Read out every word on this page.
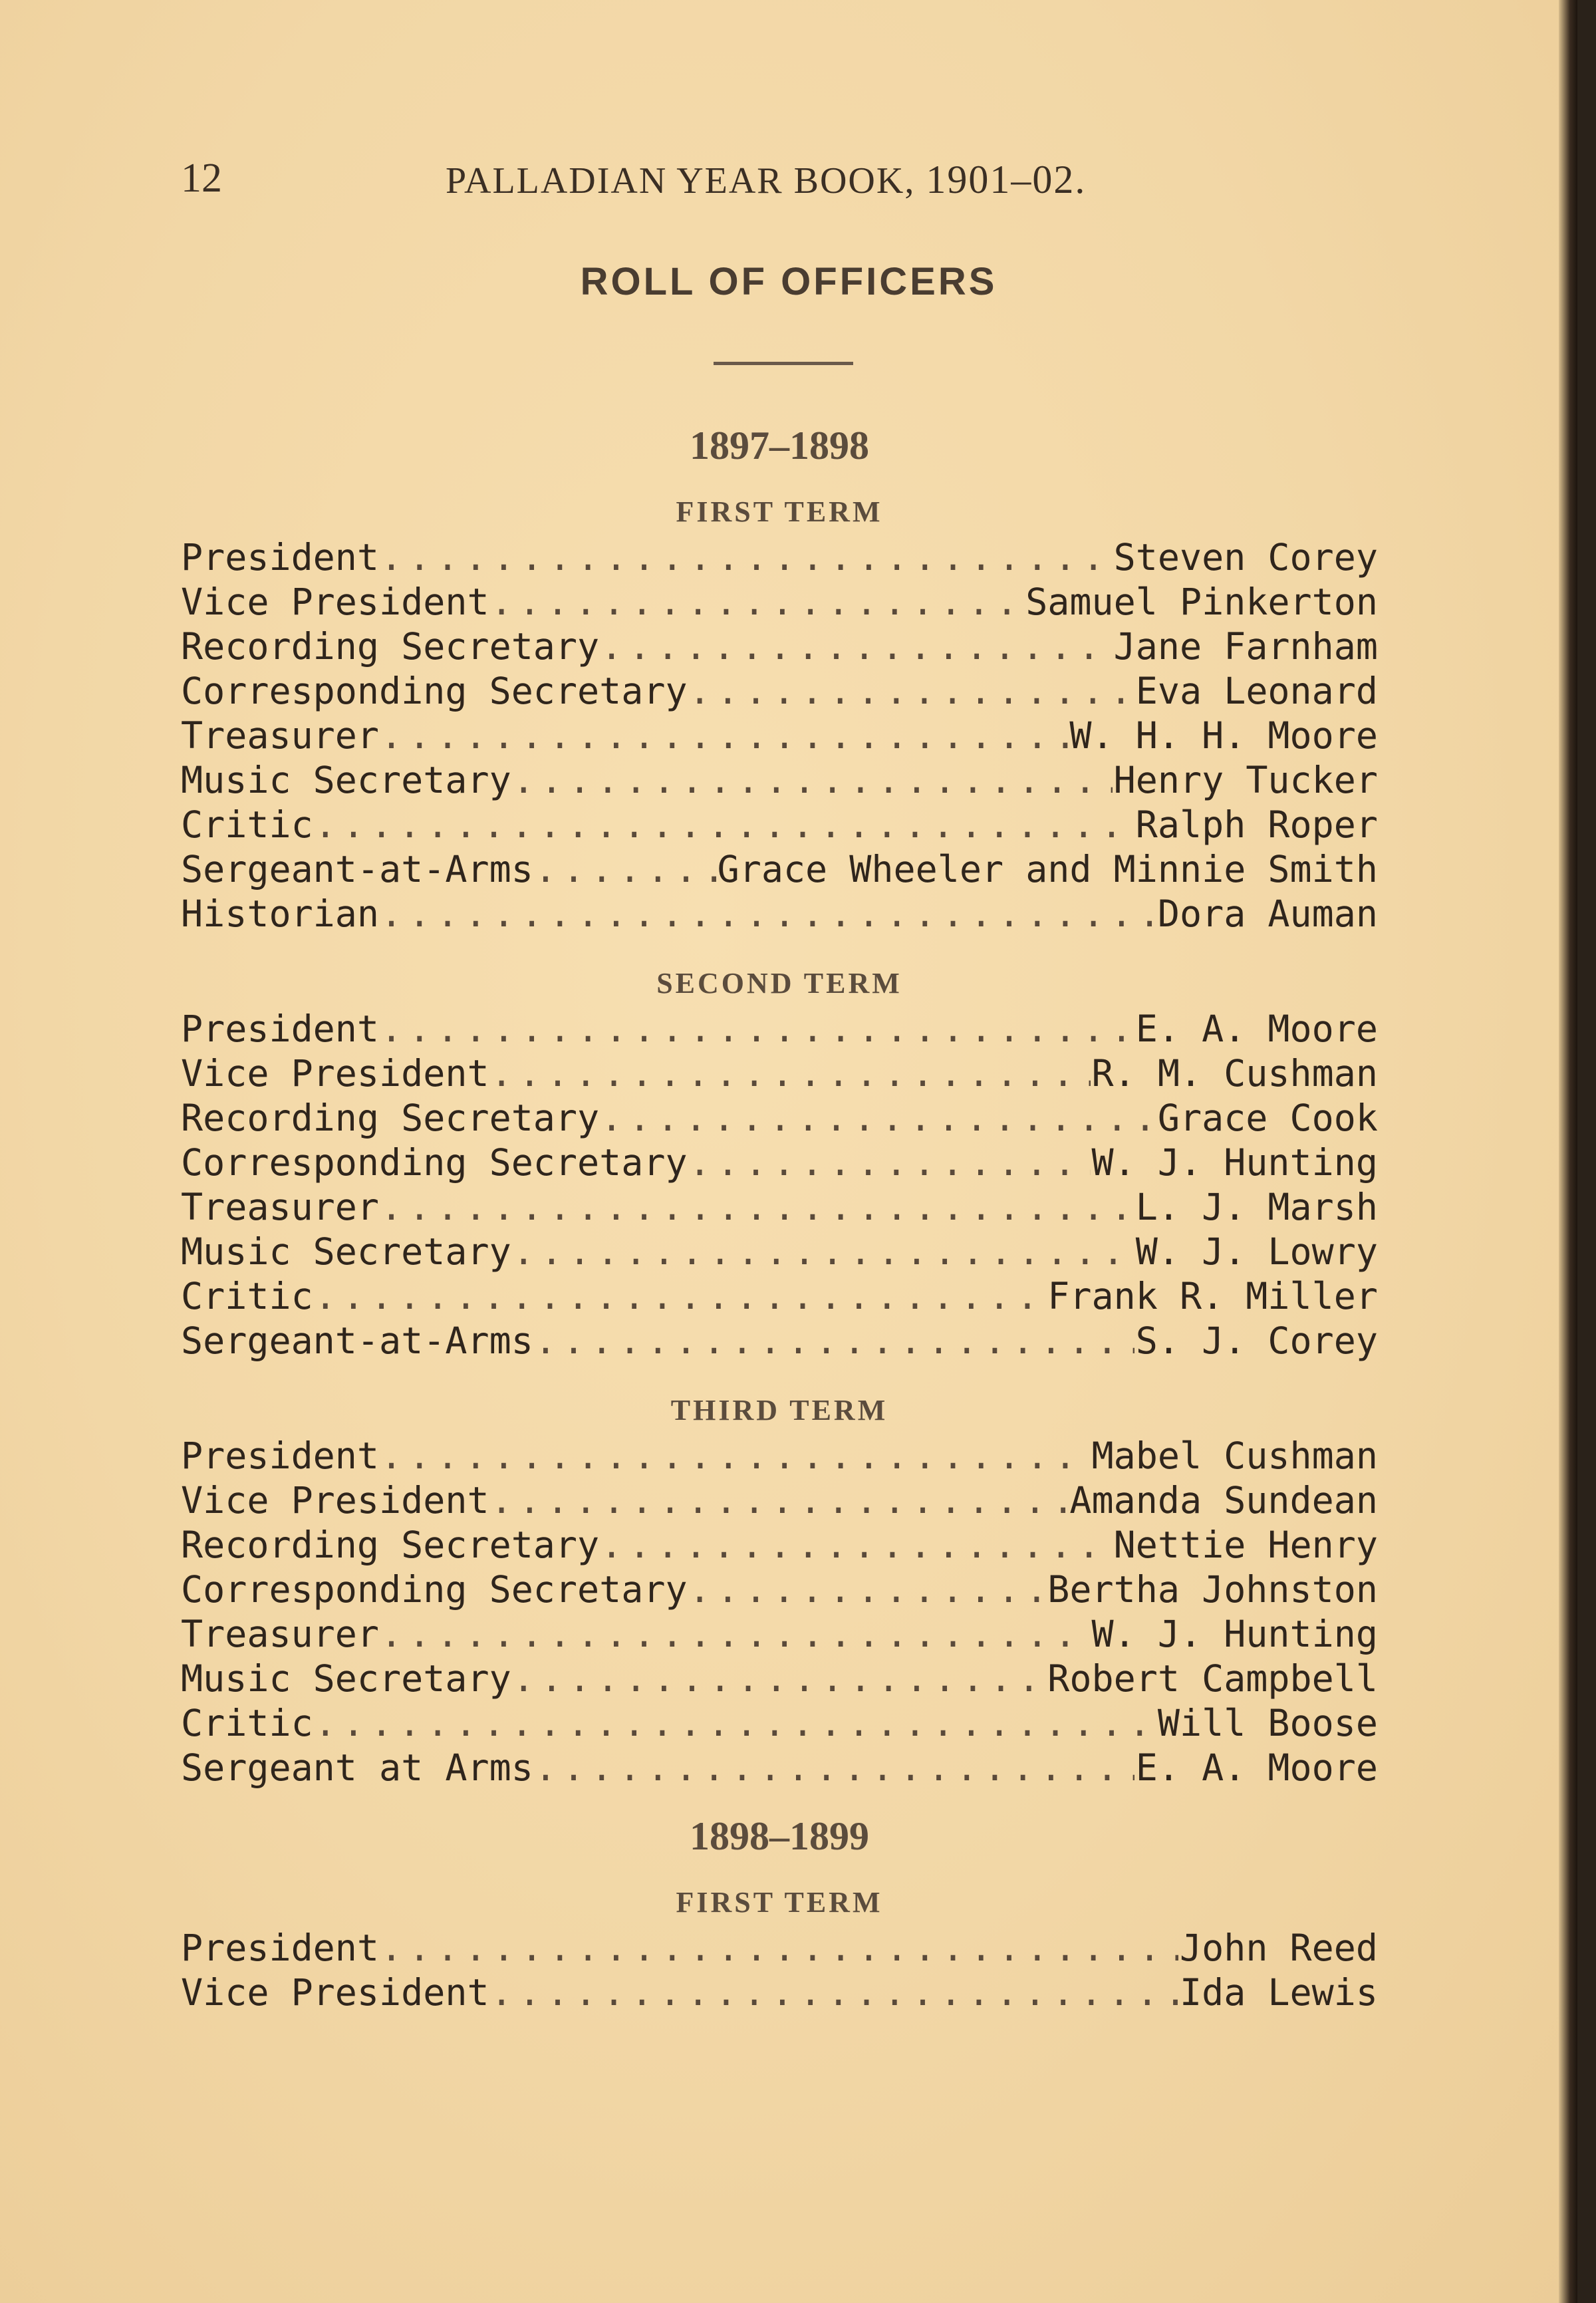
12	PALLADIAN YEAR BOOK, 1901–02.
ROLL OF OFFICERS
1897–1898
FIRST TERM
President . . .	Steven Corey
Vice President . . .	Samuel Pinkerton
Recording Secretary . . .	Jane Farnham
Corresponding Secretary . . .	Eva Leonard
Treasurer . . .	W. H. H. Moore
Music Secretary . . .	Henry Tucker
Critic . . .	Ralph Roper
Sergeant-at-Arms . . .	Grace Wheeler and Minnie Smith
Historian . . .	Dora Auman
SECOND TERM
President . . .	E. A. Moore
Vice President . . .	R. M. Cushman
Recording Secretary . . .	Grace Cook
Corresponding Secretary . . .	W. J. Hunting
Treasurer . . .	L. J. Marsh
Music Secretary . . .	W. J. Lowry
Critic . . .	Frank R. Miller
Sergeant-at-Arms . . .	S. J. Corey
THIRD TERM
President . . .	Mabel Cushman
Vice President . . .	Amanda Sundean
Recording Secretary . . .	Nettie Henry
Corresponding Secretary . . .	Bertha Johnston
Treasurer . . .	W. J. Hunting
Music Secretary . . .	Robert Campbell
Critic . . .	Will Boose
Sergeant at Arms . . .	E. A. Moore
1898–1899
FIRST TERM
President . . .	John Reed
Vice President . . .	Ida Lewis
